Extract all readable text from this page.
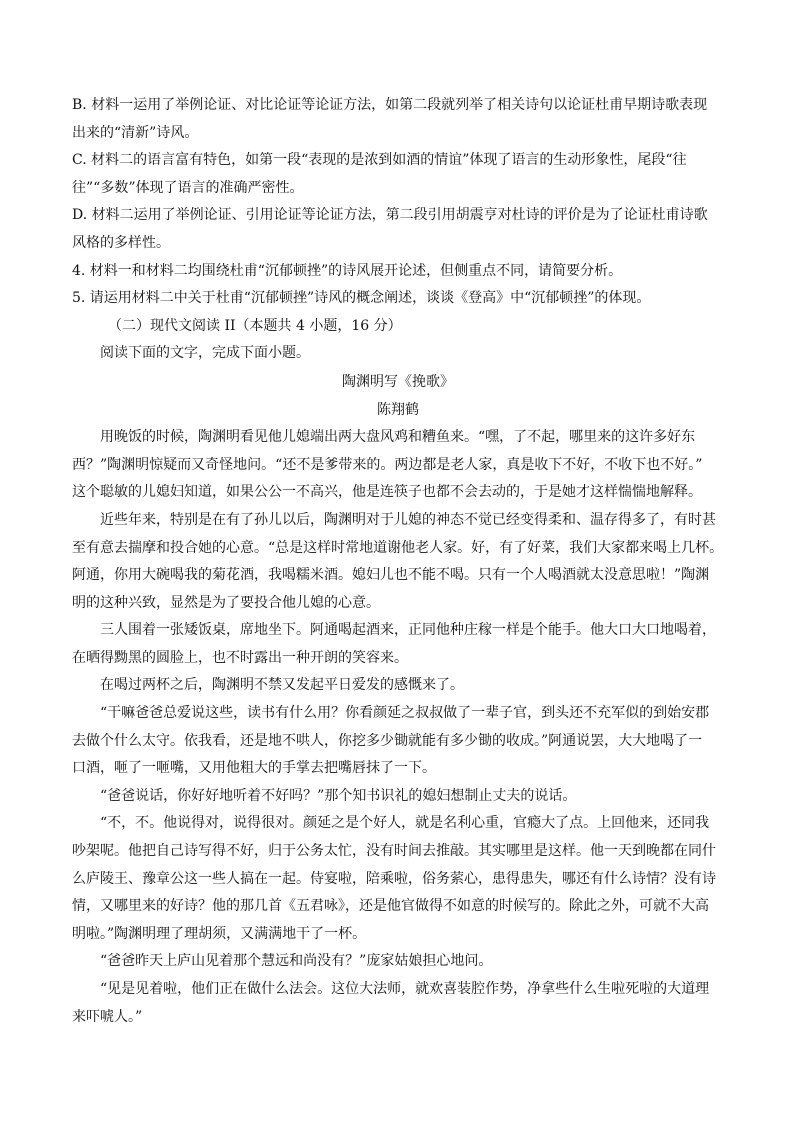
B. 材料一运用了举例论证、对比论证等论证方法，如第二段就列举了相关诗句以论证杜甫早期诗歌表现
出来的“清新”诗风。
C. 材料二的语言富有特色，如第一段“表现的是浓到如酒的情谊”体现了语言的生动形象性，尾段“往
往”“多数”体现了语言的准确严密性。
D. 材料二运用了举例论证、引用论证等论证方法，第二段引用胡震亨对杜诗的评价是为了论证杜甫诗歌
风格的多样性。
4. 材料一和材料二均围绕杜甫“沉郁顿挫”的诗风展开论述，但侧重点不同，请简要分析。
5. 请运用材料二中关于杜甫“沉郁顿挫”诗风的概念阐述，谈谈《登高》中“沉郁顿挫”的体现。
（二）现代文阅读 II（本题共 4 小题，16 分）
阅读下面的文字，完成下面小题。
陶渊明写《挽歌》
陈翔鹤
用晚饭的时候，陶渊明看见他儿媳端出两大盘风鸡和糟鱼来。“嘿，了不起，哪里来的这许多好东
西？”陶渊明惊疑而又奇怪地问。“还不是爹带来的。两边都是老人家，真是收下不好，不收下也不好。”
这个聪敏的儿媳妇知道，如果公公一不高兴，他是连筷子也都不会去动的，于是她才这样惴惴地解释。
近些年来，特别是在有了孙儿以后，陶渊明对于儿媳的神态不觉已经变得柔和、温存得多了，有时甚
至有意去揣摩和投合她的心意。“总是这样时常地道谢他老人家。好，有了好菜，我们大家都来喝上几杯。
阿通，你用大碗喝我的菊花酒，我喝糯米酒。媳妇儿也不能不喝。只有一个人喝酒就太没意思啦！”陶渊
明的这种兴致，显然是为了要投合他儿媳的心意。
三人围着一张矮饭桌，席地坐下。阿通喝起酒来，正同他种庄稼一样是个能手。他大口大口地喝着，
在晒得黝黑的圆脸上，也不时露出一种开朗的笑容来。
在喝过两杯之后，陶渊明不禁又发起平日爱发的感慨来了。
“干嘛爸爸总爱说这些，读书有什么用？你看颜延之叔叔做了一辈子官，到头还不充军似的到始安郡
去做个什么太守。依我看，还是地不哄人，你挖多少锄就能有多少锄的收成。”阿通说罢，大大地喝了一
口酒，咂了一咂嘴，又用他粗大的手掌去把嘴唇抹了一下。
“爸爸说话，你好好地听着不好吗？”那个知书识礼的媳妇想制止丈夫的说话。
“不，不。他说得对，说得很对。颜延之是个好人，就是名利心重，官瘾大了点。上回他来，还同我
吵架呢。他把自己诗写得不好，归于公务太忙，没有时间去推敲。其实哪里是这样。他一天到晚都在同什
么庐陵王、豫章公这一些人搞在一起。侍宴啦，陪乘啦，俗务萦心，患得患失，哪还有什么诗情？没有诗
情，又哪里来的好诗？他的那几首《五君咏》，还是他官做得不如意的时候写的。除此之外，可就不大高
明啦。”陶渊明理了理胡须，又满满地干了一杯。
“爸爸昨天上庐山见着那个慧远和尚没有？”庞家姑娘担心地问。
“见是见着啦，他们正在做什么法会。这位大法师，就欢喜装腔作势，净拿些什么生啦死啦的大道理
来吓唬人。”
